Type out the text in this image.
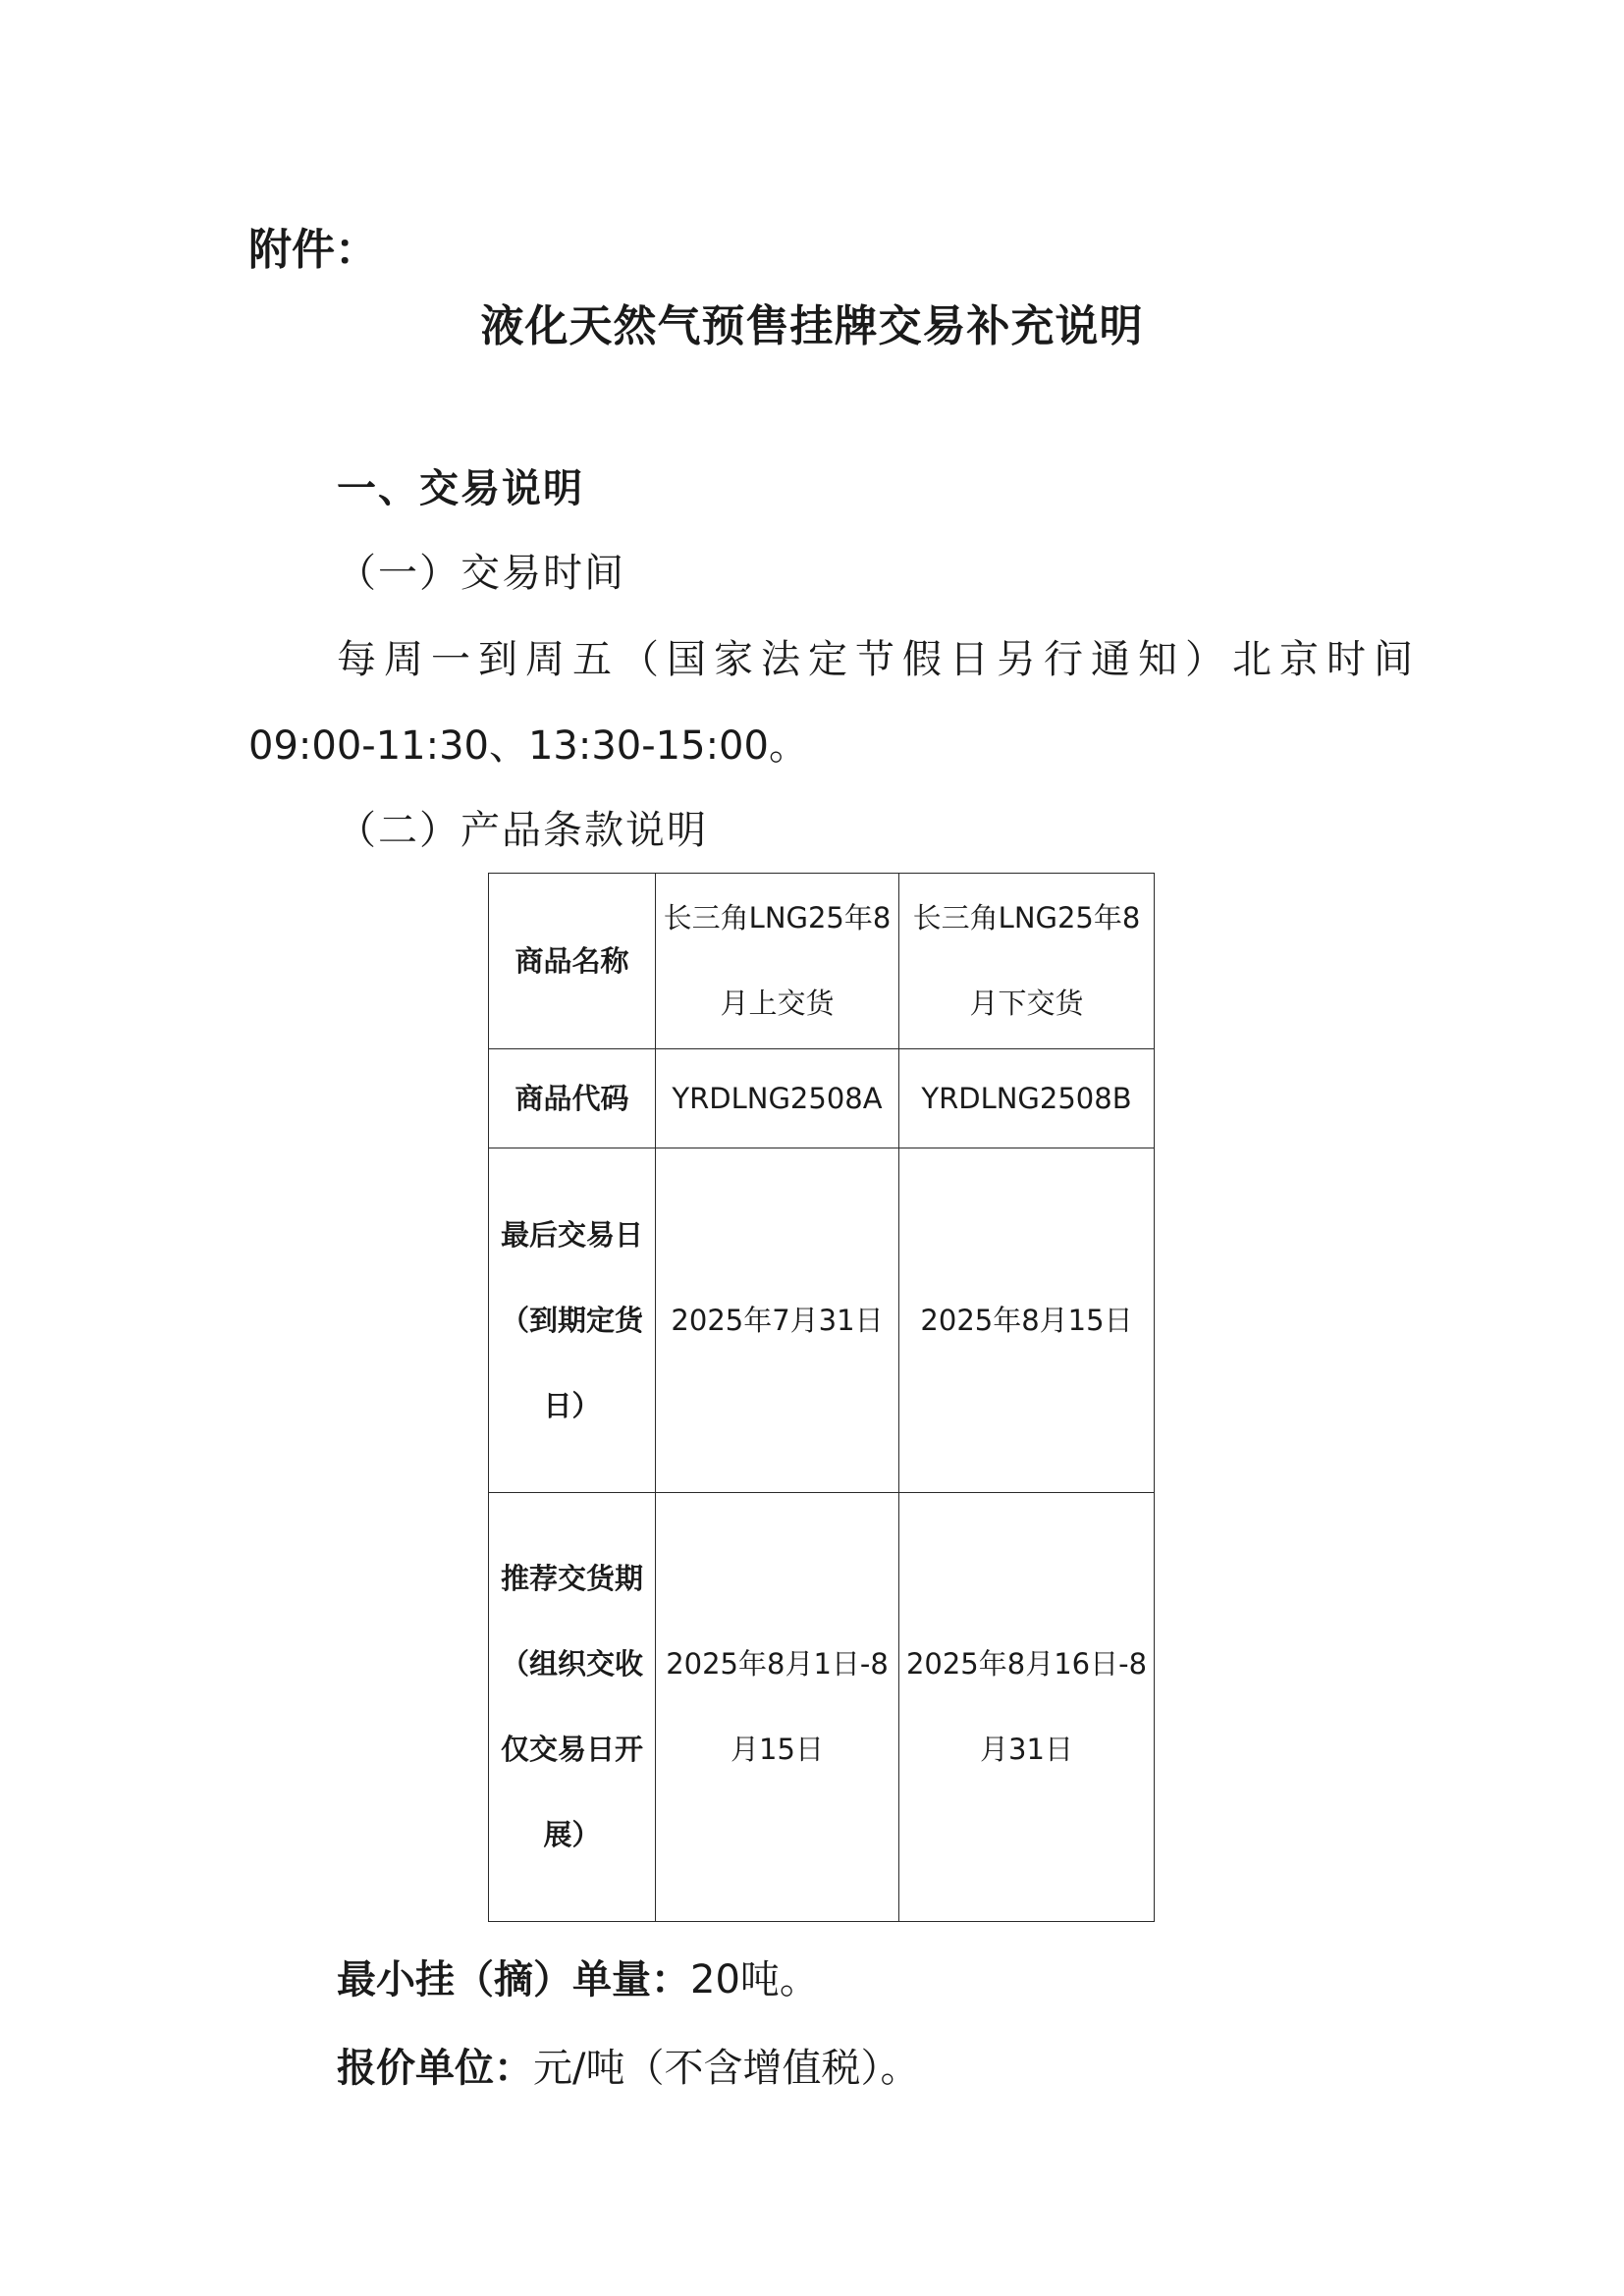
附件：

液化天然气预售挂牌交易补充说明

一、交易说明

（一）交易时间

每周一到周五（国家法定节假日另行通知）北京时间

09:00-11:30、13:30-15:00。

（二）产品条款说明

商品名称	长三角LNG25年8月上交货	长三角LNG25年8月下交货
商品代码	YRDLNG2508A	YRDLNG2508B
最后交易日（到期定货日）	2025年7月31日	2025年8月15日
推荐交货期（组织交收仅交易日开展）	2025年8月1日-8月15日	2025年8月16日-8月31日

最小挂（摘）单量：20吨。

报价单位：元/吨（不含增值税）。
